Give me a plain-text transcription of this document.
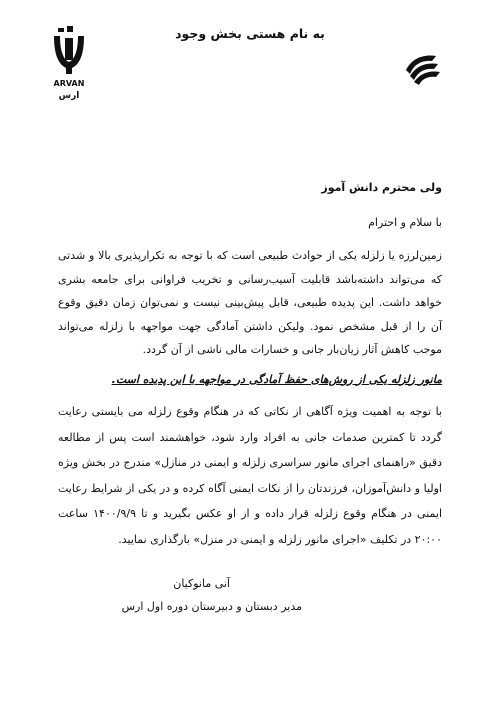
ARVAN
ارس
به نام هستی بخش وجود

ولی محترم دانش آموز

با سلام و احترام

زمین‌لرزه یا زلزله یکی از حوادث طبیعی است که با توجه به تکرارپذیری بالا و شدتی که می‌تواند داشته‌باشد قابلیت آسیب‌رسانی و تخریب فراوانی برای جامعه بشری خواهد داشت. این پدیده طبیعی، قابل پیش‌بینی نیست و نمی‌توان زمان دقیق وقوع آن را از قبل مشخص نمود. ولیکن داشتن آمادگی جهت مواجهه با زلزله می‌تواند موجب کاهش آثار زیان‌بار جانی و خسارات مالی ناشی از آن گردد.

مانور زلزله یکی از روش‌های حفظ آمادگی در مواجهه با این پدیده است.

با توجه به اهمیت ویژه آگاهی از نکاتی که در هنگام وقوع زلزله می بایستی رعایت گردد تا کمترین صدمات جانی به افراد وارد شود، خواهشمند است پس از مطالعه دقیق «راهنمای اجرای مانور سراسری زلزله و ایمنی در منازل» مندرج در بخش ویژه اولیا و دانش‌آموزان، فرزندتان را از نکات ایمنی آگاه کرده و در یکی از شرایط رعایت ایمنی در هنگام وقوع زلزله قرار داده و از او عکس بگیرید و تا ۱۴۰۰/۹/۹ ساعت ۲۰:۰۰ در تکلیف «اجرای مانور زلزله و ایمنی در منزل» بارگذاری نمایید.

آنی مانوکیان
مدیر دبستان و دبیرستان دوره اول ارس
